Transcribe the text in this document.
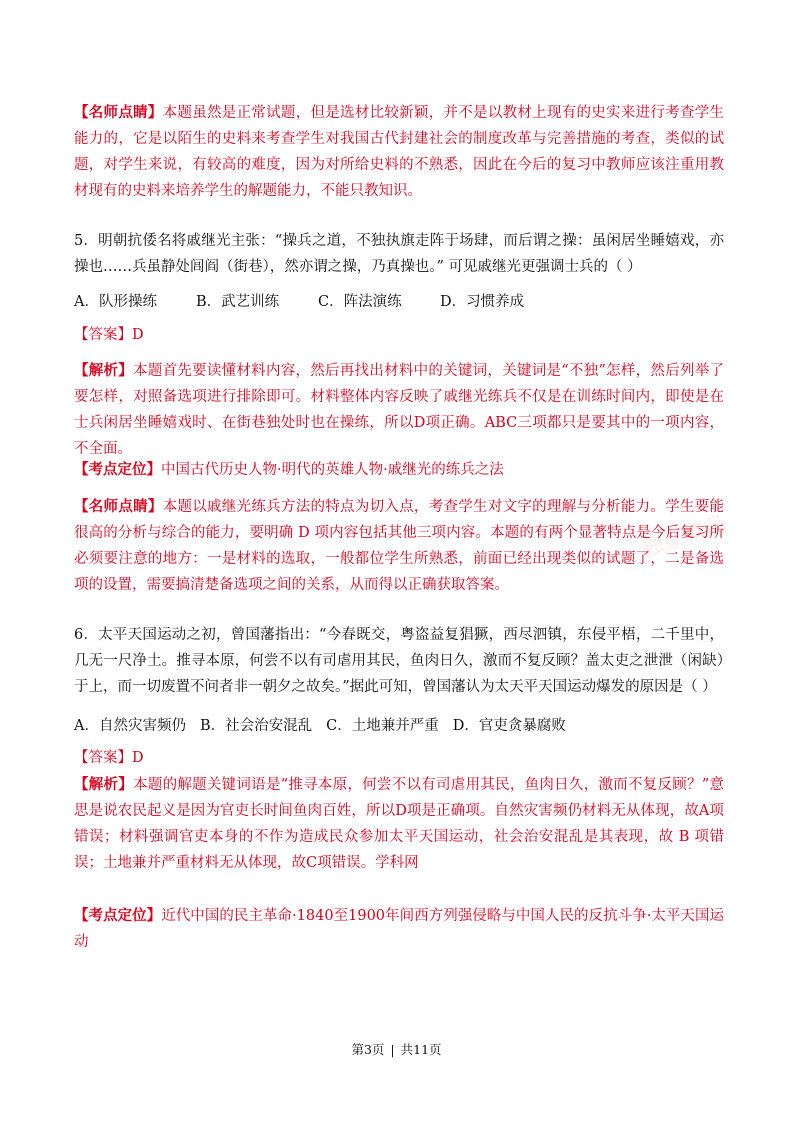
独家精品

【名师点睛】本题虽然是正常试题，但是选材比较新颖，并不是以教材上现有的史实来进行考查学生能力的，它是以陌生的史料来考查学生对我国古代封建社会的制度改革与完善措施的考查，类似的试题，对学生来说，有较高的难度，因为对所给史料的不熟悉，因此在今后的复习中教师应该注重用教材现有的史料来培养学生的解题能力，不能只教知识。

5．明朝抗倭名将戚继光主张：“操兵之道，不独执旗走阵于场肆，而后谓之操：虽闲居坐睡嬉戏，亦操也……兵虽静处闾阎（街巷），然亦谓之操，乃真操也。” 可见戚继光更强调士兵的（ ）

A．队形操练	B．武艺训练	C．阵法演练	D．习惯养成

【答案】D

【解析】本题首先要读懂材料内容，然后再找出材料中的关键词，关键词是“不独”怎样，然后列举了要怎样，对照备选项进行排除即可。材料整体内容反映了戚继光练兵不仅是在训练时间内，即使是在士兵闲居坐睡嬉戏时、在街巷独处时也在操练，所以D项正确。ABC三项都只是要其中的一项内容，不全面。

【考点定位】中国古代历史人物·明代的英雄人物·戚继光的练兵之法

【名师点睛】本题以戚继光练兵方法的特点为切入点，考查学生对文字的理解与分析能力。学生要能很高的分析与综合的能力，要明确 D 项内容包括其他三项内容。本题的有两个显著特点是今后复习所必须要注意的地方：一是材料的选取，一般都位学生所熟悉，前面已经出现类似的试题了，二是备选项的设置，需要搞清楚备选项之间的关系，从而得以正确获取答案。

6．太平天国运动之初，曾国藩指出：“今春既交，粤盗益复猖獗，西尽泗镇，东侵平梧，二千里中，几无一尺净土。推寻本原，何尝不以有司虐用其民，鱼肉日久，激而不复反顾？盖太吏之泄泄（闲缺）于上，而一切废置不问者非一朝夕之故矣。”据此可知，曾国藩认为太天平天国运动爆发的原因是（ ）

A．自然灾害频仍 B．社会治安混乱 C．土地兼并严重 D．官吏贪暴腐败

【答案】D

【解析】本题的解题关键词语是“推寻本原，何尝不以有司虐用其民，鱼肉日久，激而不复反顾？”意思是说农民起义是因为官吏长时间鱼肉百姓，所以D项是正确项。自然灾害频仍材料无从体现，故A项错误；材料强调官吏本身的不作为造成民众参加太平天国运动，社会治安混乱是其表现，故 B 项错误；土地兼并严重材料无从体现，故C项错误。学科网

【考点定位】近代中国的民主革命·1840至1900年间西方列强侵略与中国人民的反抗斗争·太平天国运动

第3页 | 共11页
